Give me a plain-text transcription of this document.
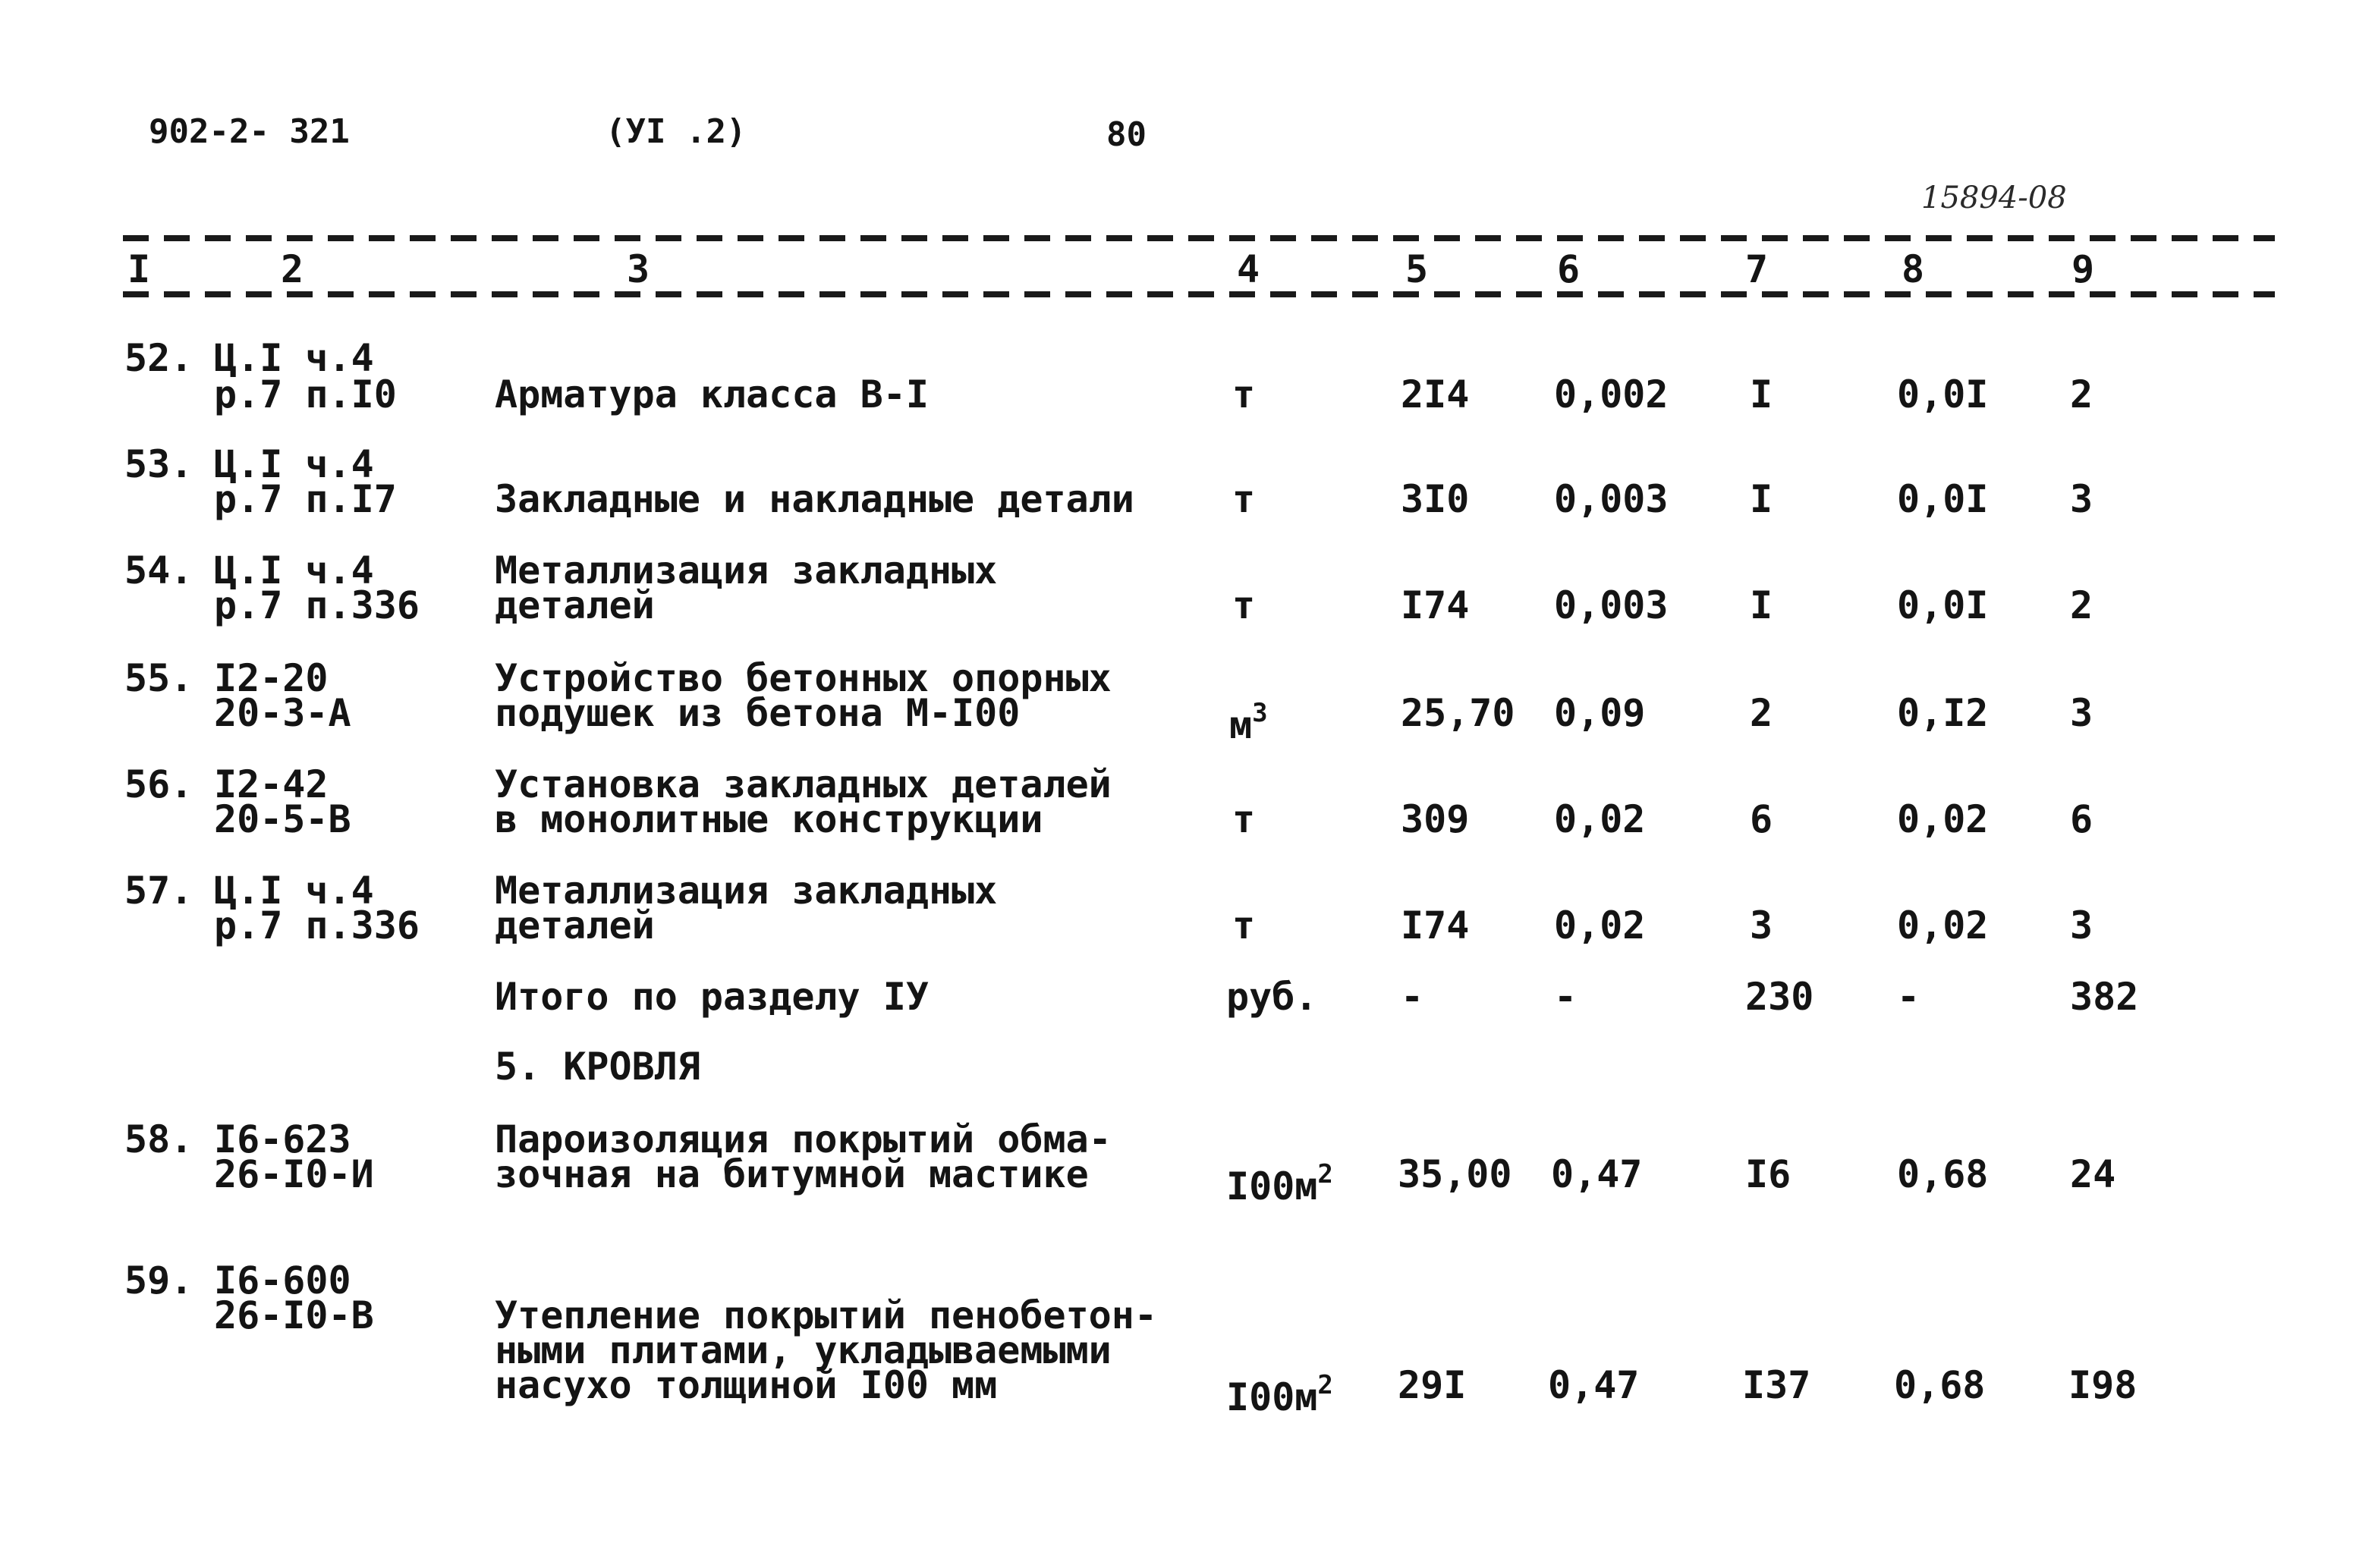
902-2- 321	(УI .2)	80
15894-08
I	2	3	4	5	6	7	8	9
52. Ц.I ч.4
р.7 п.I0	Арматура класса В-I	т	2I4 0,002 I	0,0I 2
53. Ц.I ч.4
р.7 п.I7	Закладные и накладные детали	т	3I0 0,003 I	0,0I 3
54. Ц.I ч.4
р.7 п.336
Металлизация закладных
деталей	т	I74 0,003 I	0,0I 2
55. I2-20
20-3-А
Устройство бетонных опорных
подушек из бетона М-I00	$м^3$	25,70 0,09	2	0,I2 3
56. I2-42
20-5-В
Установка закладных деталей
в монолитные конструкции	т	309 0,02	6	0,02 6
57. Ц.I ч.4
р.7 п.336
Металлизация закладных
деталей	т	I74 0,02	3	0,02 3
Итого по разделу IУ	руб. -	-	230 -	382
5. КРОВЛЯ
58. I6-623
26-I0-И
Пароизоляция покрытий обма-
зочная на битумной мастике	$I00м^2$ 35,00 0,47	I6	0,68 24
59. I6-600
26-I0-В	Утепление покрытий пенобетон-
ными плитами, укладываемыми
насухо толщиной I00 мм	$I00м^2$ 29I 0,47	I37 0,68 I98
